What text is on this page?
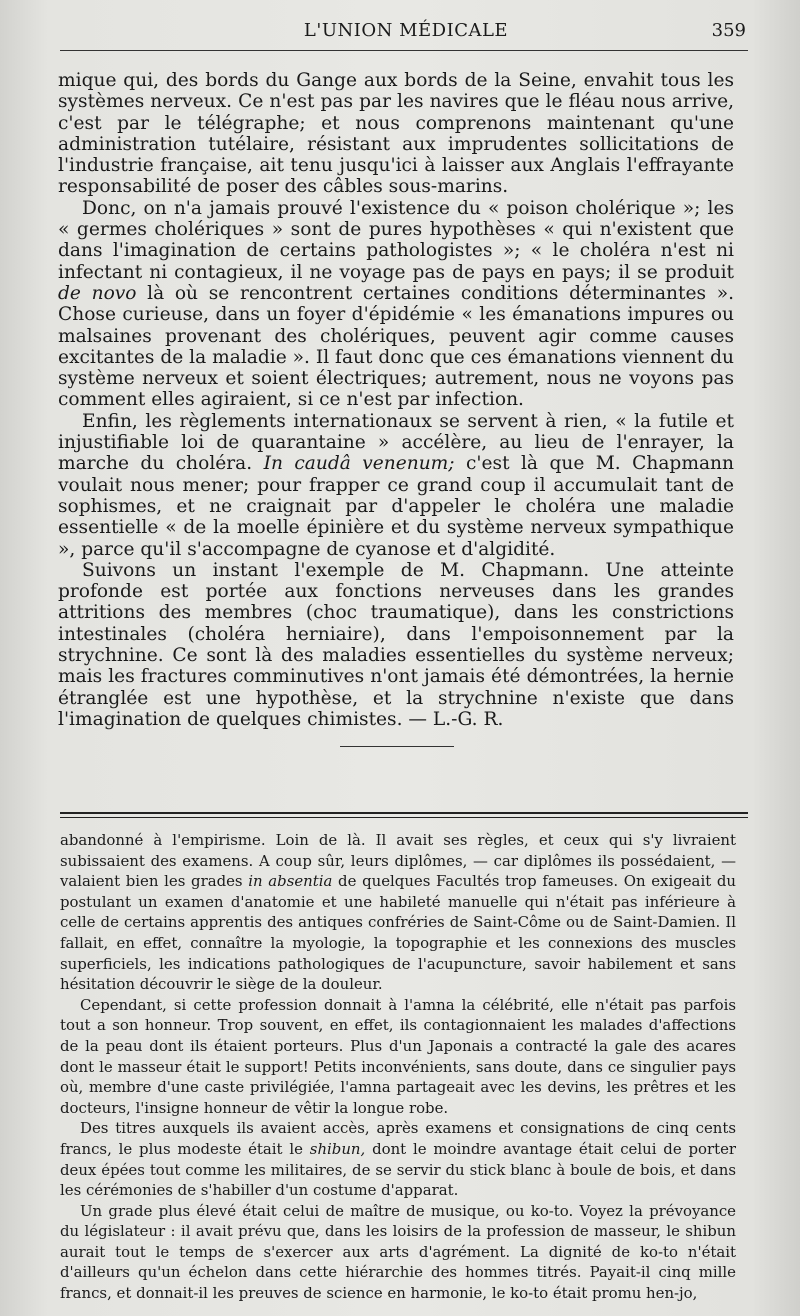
L'UNION MÉDICALE	359

mique qui, des bords du Gange aux bords de la Seine, envahit tous les systèmes nerveux. Ce n'est pas par les navires que le fléau nous arrive, c'est par le télégraphe; et nous comprenons maintenant qu'une administration tutélaire, résistant aux imprudentes sollicitations de l'industrie française, ait tenu jusqu'ici à laisser aux Anglais l'effrayante responsabilité de poser des câbles sous-marins.

Donc, on n'a jamais prouvé l'existence du « poison cholérique »; les « germes cholériques » sont de pures hypothèses « qui n'existent que dans l'imagination de certains pathologistes »; « le choléra n'est ni infectant ni contagieux, il ne voyage pas de pays en pays; il se produit de novo là où se rencontrent certaines conditions déterminantes ». Chose curieuse, dans un foyer d'épidémie « les émanations impures ou malsaines provenant des cholériques, peuvent agir comme causes excitantes de la maladie ». Il faut donc que ces émanations viennent du système nerveux et soient électriques; autrement, nous ne voyons pas comment elles agiraient, si ce n'est par infection.

Enfin, les règlements internationaux se servent à rien, « la futile et injustifiable loi de quarantaine » accélère, au lieu de l'enrayer, la marche du choléra. In caudâ venenum; c'est là que M. Chapmann voulait nous mener; pour frapper ce grand coup il accumulait tant de sophismes, et ne craignait par d'appeler le choléra une maladie essentielle « de la moelle épinière et du système nerveux sympathique », parce qu'il s'accompagne de cyanose et d'algidité.

Suivons un instant l'exemple de M. Chapmann. Une atteinte profonde est portée aux fonctions nerveuses dans les grandes attritions des membres (choc traumatique), dans les constrictions intestinales (choléra herniaire), dans l'empoisonnement par la strychnine. Ce sont là des maladies essentielles du système nerveux; mais les fractures comminutives n'ont jamais été démontrées, la hernie étranglée est une hypothèse, et la strychnine n'existe que dans l'imagination de quelques chimistes. — L.-G. R.

abandonné à l'empirisme. Loin de là. Il avait ses règles, et ceux qui s'y livraient subissaient des examens. A coup sûr, leurs diplômes, — car diplômes ils possédaient, — valaient bien les grades in absentia de quelques Facultés trop fameuses. On exigeait du postulant un examen d'anatomie et une habileté manuelle qui n'était pas inférieure à celle de certains apprentis des antiques confréries de Saint-Côme ou de Saint-Damien. Il fallait, en effet, connaître la myologie, la topographie et les connexions des muscles superficiels, les indications pathologiques de l'acupuncture, savoir habilement et sans hésitation découvrir le siège de la douleur.

Cependant, si cette profession donnait à l'amna la célébrité, elle n'était pas parfois tout a son honneur. Trop souvent, en effet, ils contagionnaient les malades d'affections de la peau dont ils étaient porteurs. Plus d'un Japonais a contracté la gale des acares dont le masseur était le support! Petits inconvénients, sans doute, dans ce singulier pays où, membre d'une caste privilégiée, l'amna partageait avec les devins, les prêtres et les docteurs, l'insigne honneur de vêtir la longue robe.

Des titres auxquels ils avaient accès, après examens et consignations de cinq cents francs, le plus modeste était le shibun, dont le moindre avantage était celui de porter deux épées tout comme les militaires, de se servir du stick blanc à boule de bois, et dans les cérémonies de s'habiller d'un costume d'apparat.

Un grade plus élevé était celui de maître de musique, ou ko-to. Voyez la prévoyance du législateur : il avait prévu que, dans les loisirs de la profession de masseur, le shibun aurait tout le temps de s'exercer aux arts d'agrément. La dignité de ko-to n'était d'ailleurs qu'un échelon dans cette hiérarchie des hommes titrés. Payait-il cinq mille francs, et donnait-il les preuves de science en harmonie, le ko-to était promu hen-jo,
